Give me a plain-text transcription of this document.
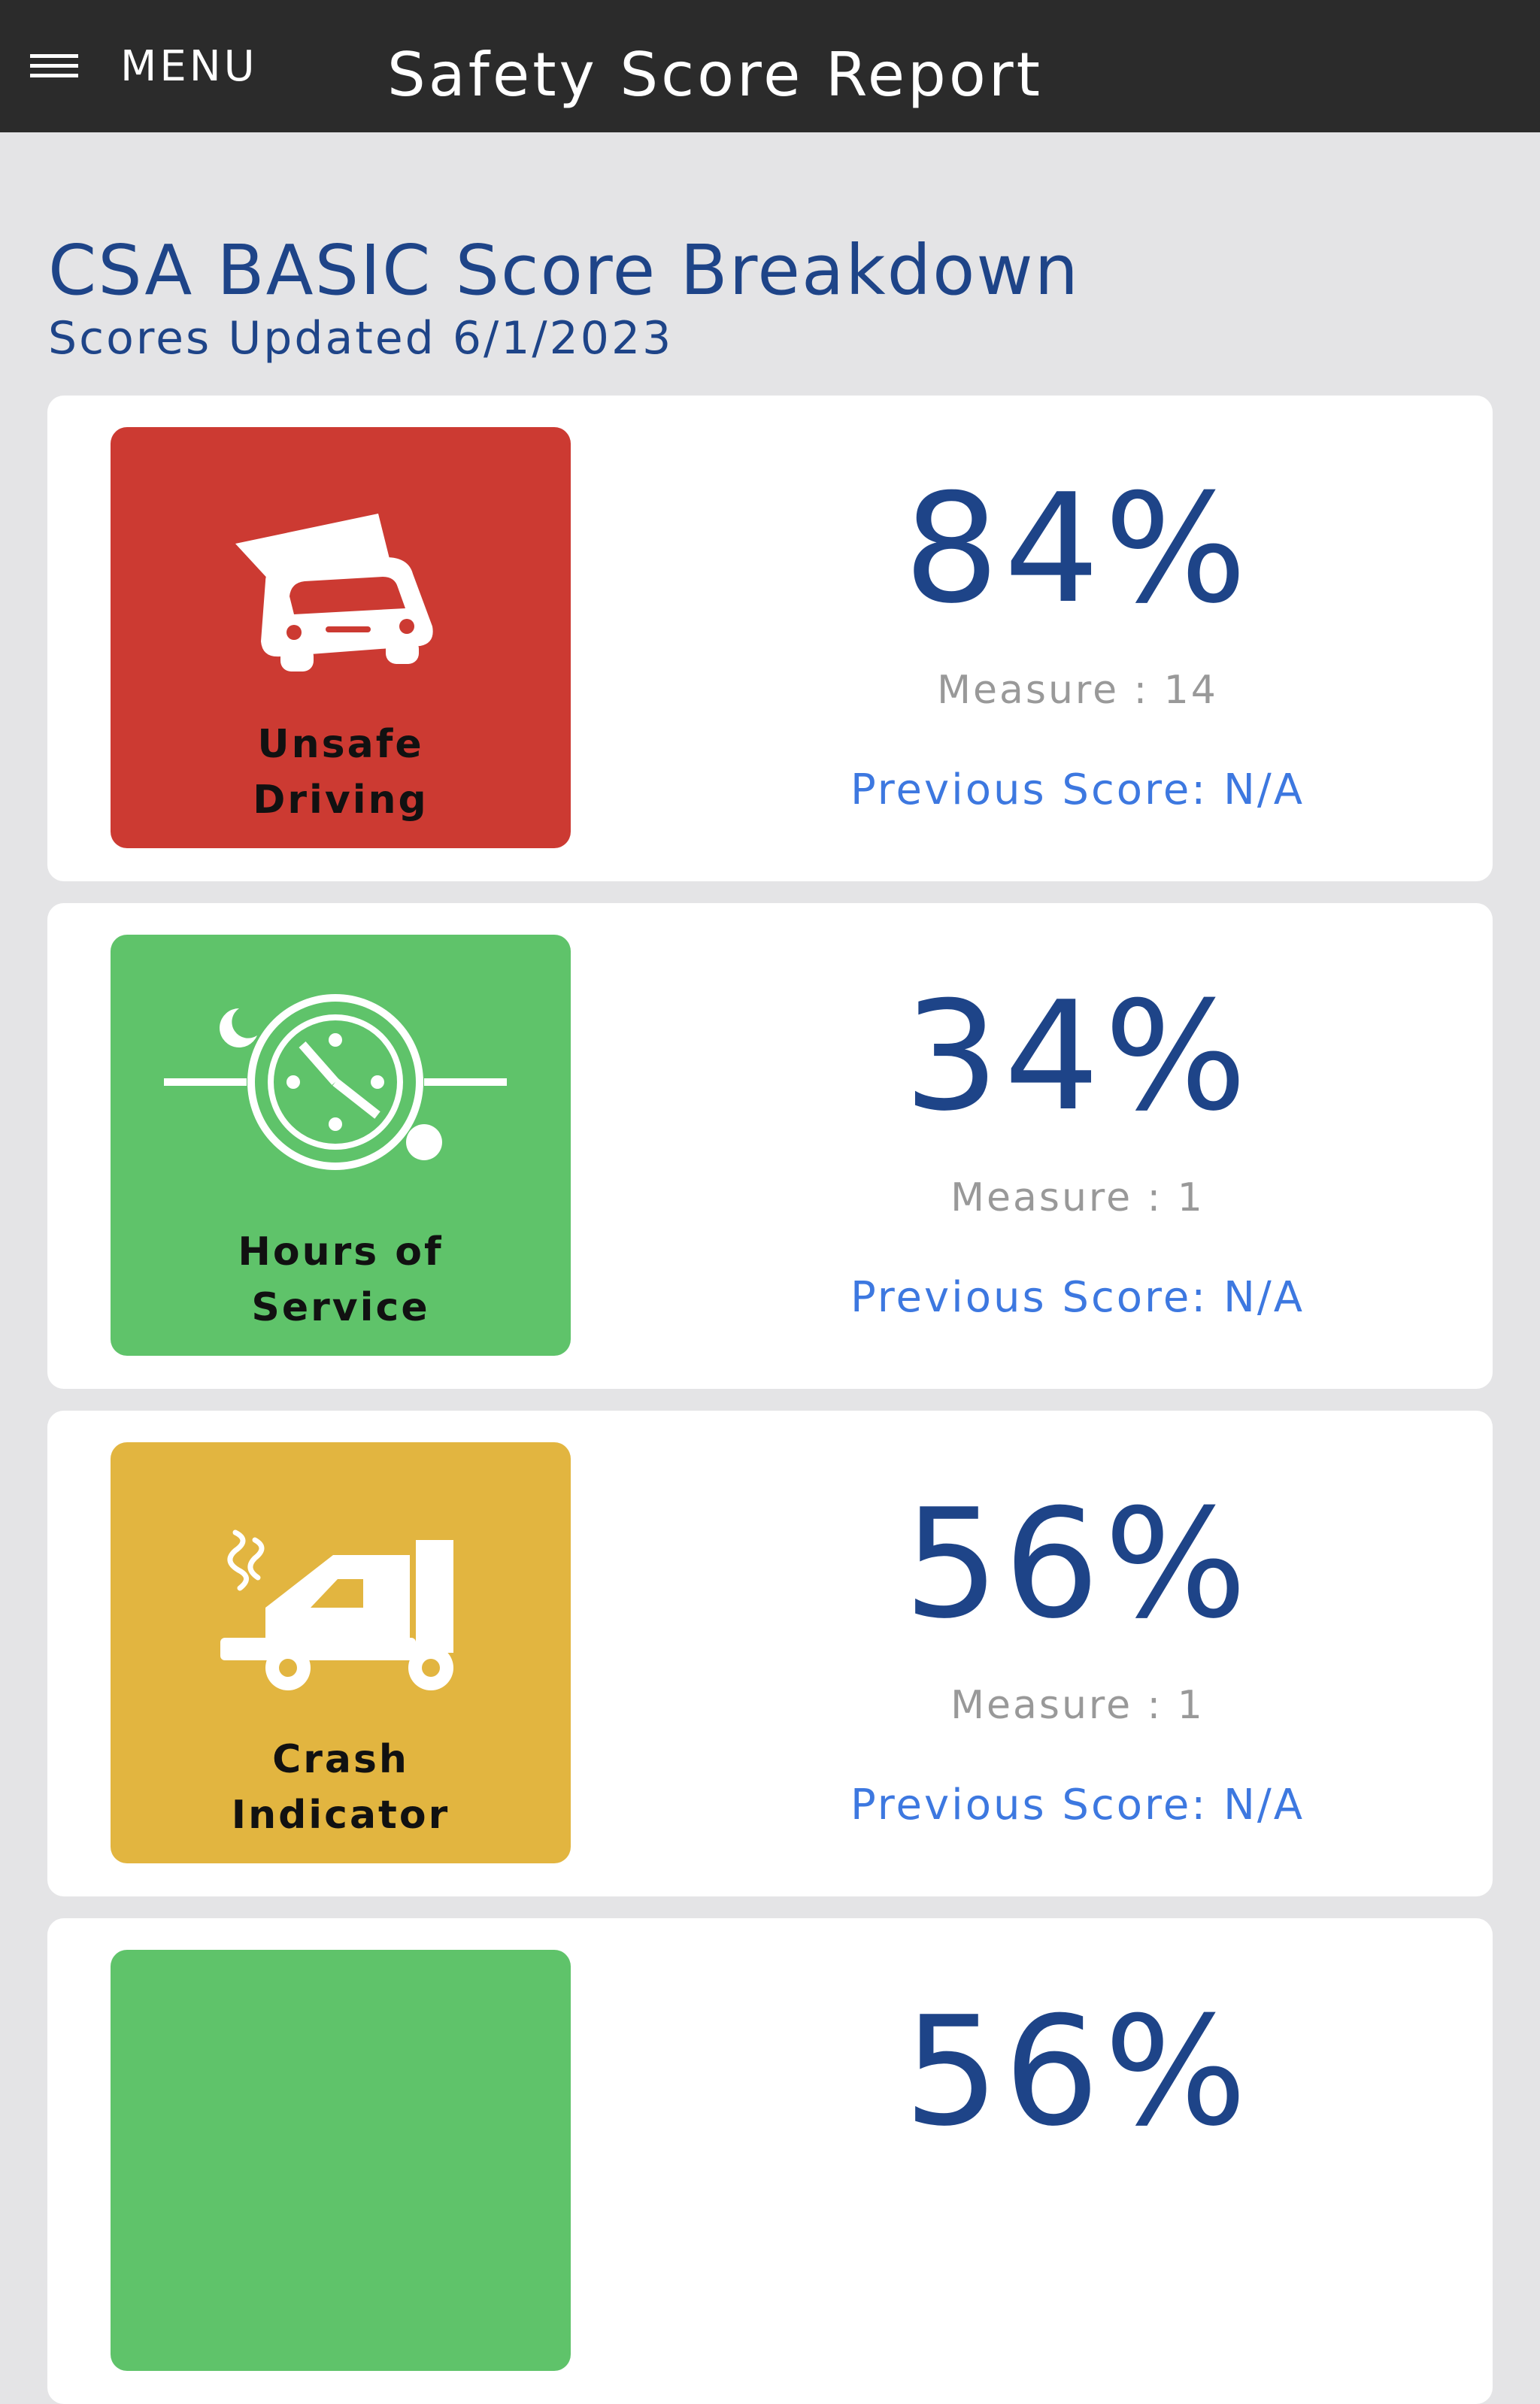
MENU Safety Score Report
CSA BASIC Score Breakdown
Scores Updated 6/1/2023
Unsafe
Driving
84%
Measure : 14
Previous Score: N/A
Hours of
Service
34%
Measure : 1
Previous Score: N/A
Crash
Indicator
56%
Measure : 1
Previous Score: N/A
56%
